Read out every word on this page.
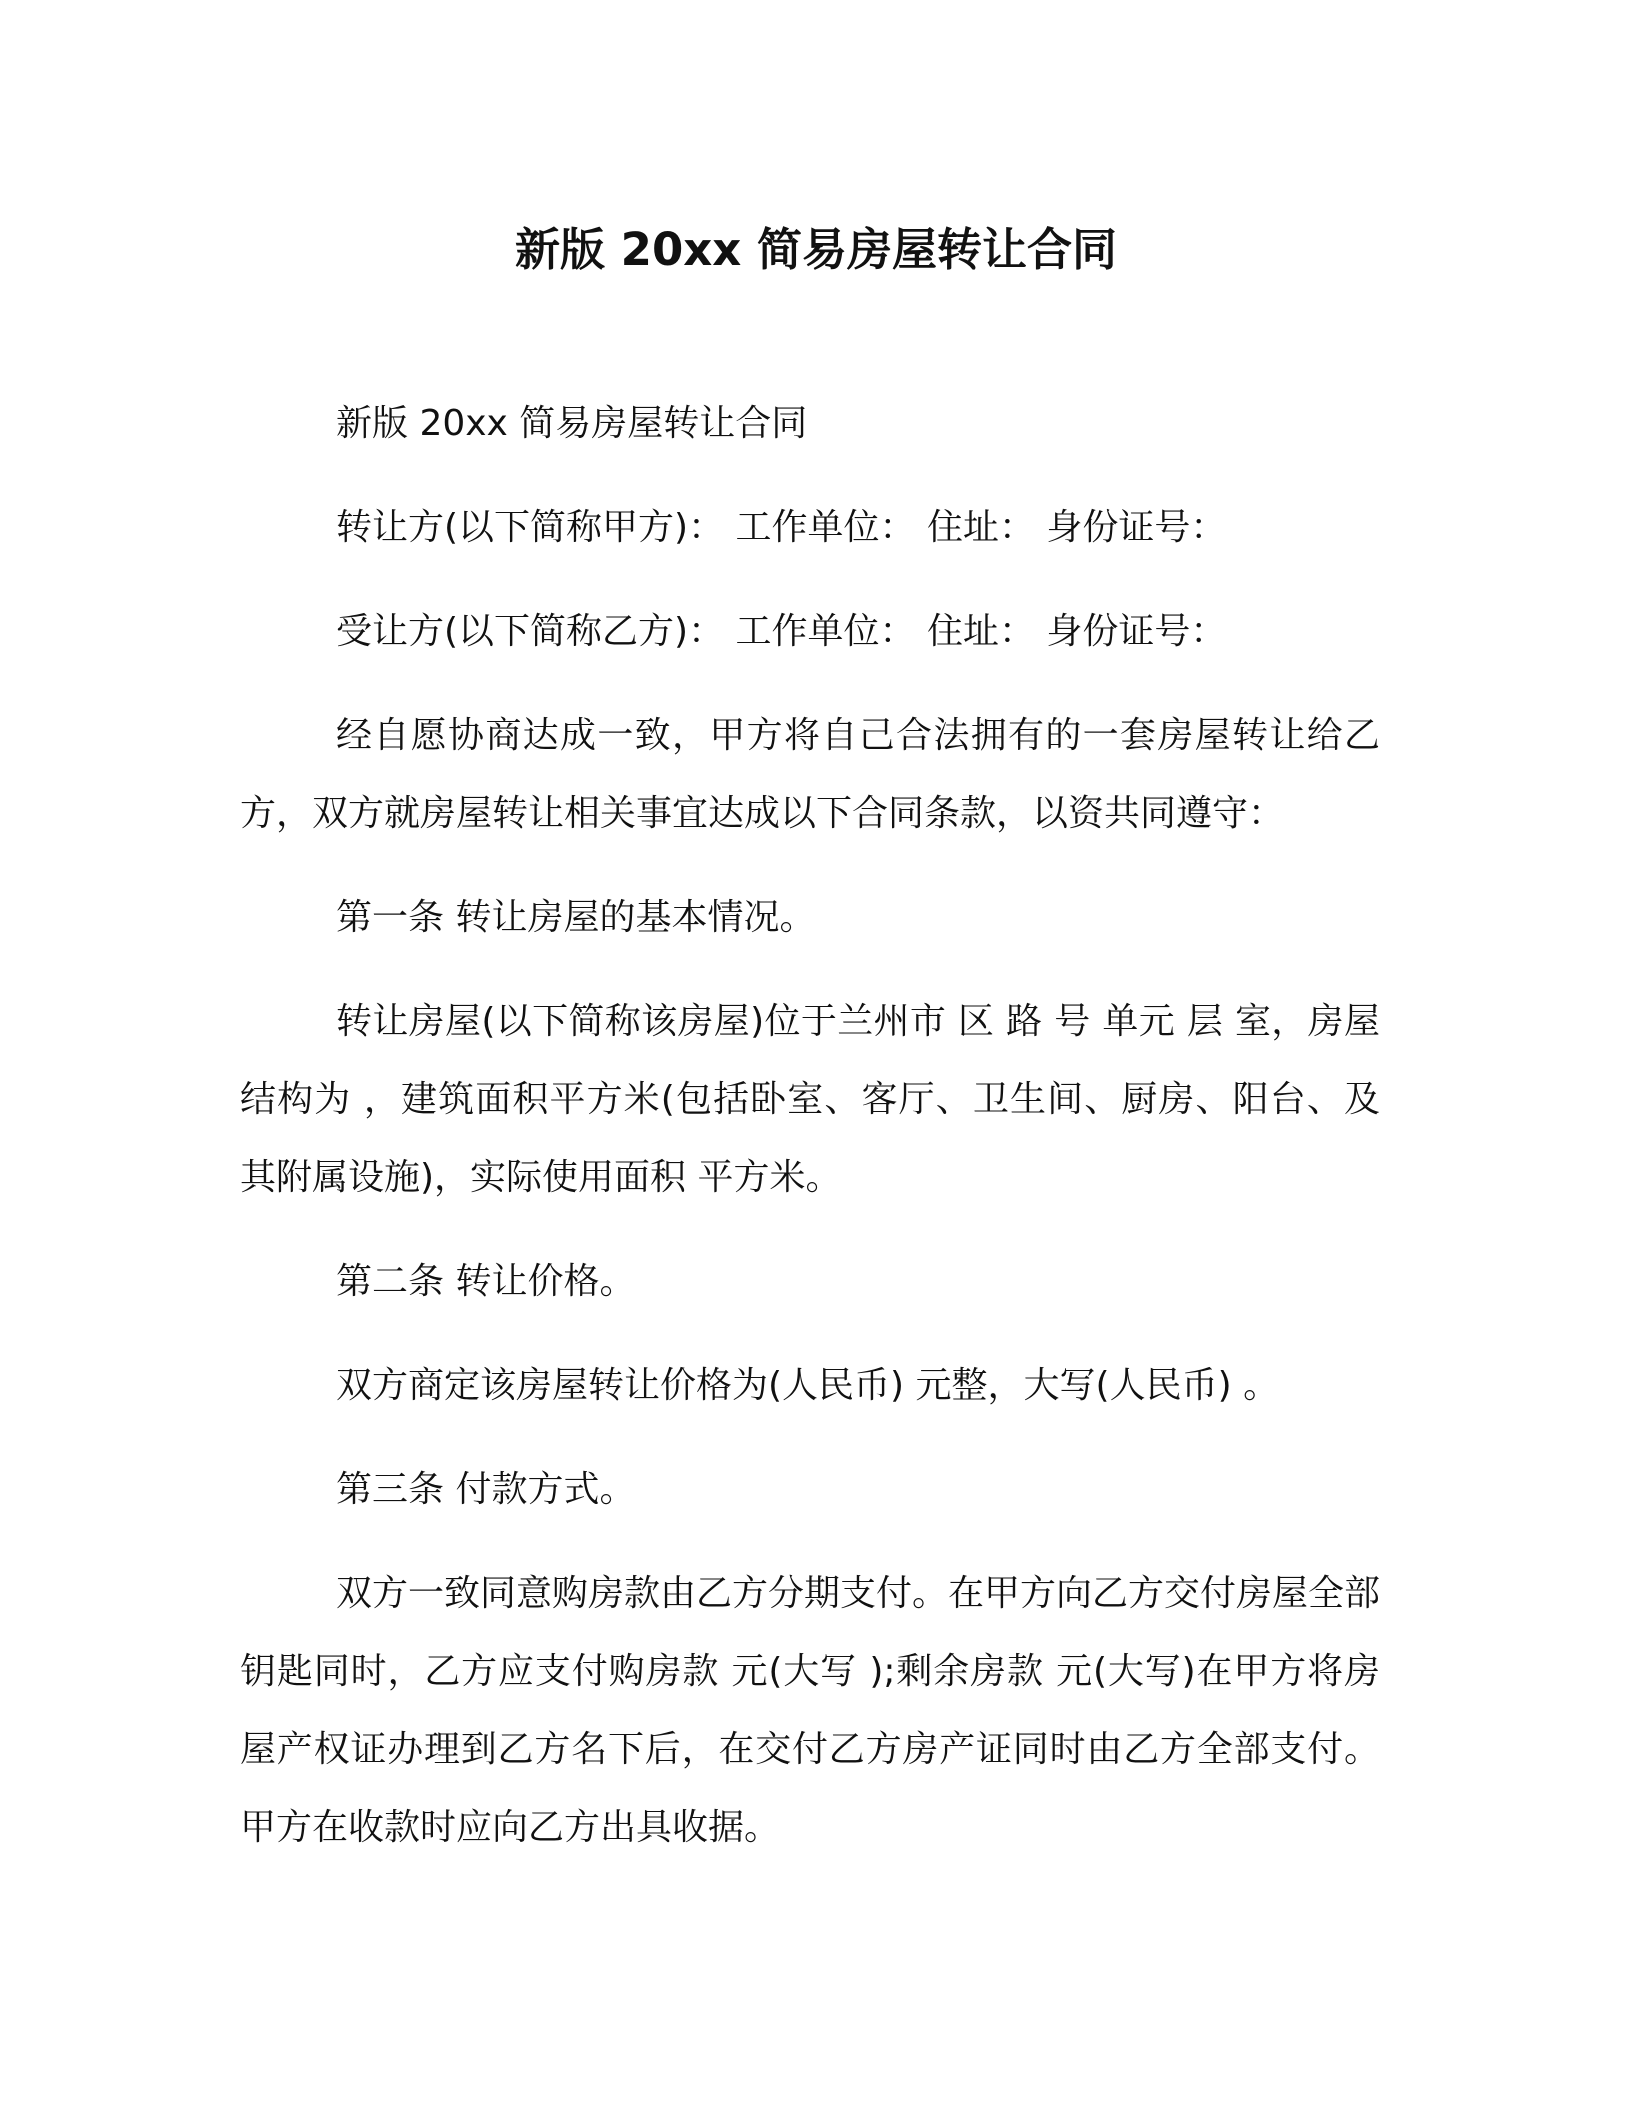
新版 20xx 简易房屋转让合同

新版 20xx 简易房屋转让合同

转让方(以下简称甲方)： 工作单位： 住址： 身份证号：

受让方(以下简称乙方)： 工作单位： 住址： 身份证号：

经自愿协商达成一致，甲方将自己合法拥有的一套房屋转让给乙方，双方就房屋转让相关事宜达成以下合同条款，以资共同遵守：

第一条 转让房屋的基本情况。

转让房屋(以下简称该房屋)位于兰州市 区 路 号 单元 层 室，房屋结构为 ，建筑面积平方米(包括卧室、客厅、卫生间、厨房、阳台、及其附属设施)，实际使用面积 平方米。

第二条 转让价格。

双方商定该房屋转让价格为(人民币) 元整，大写(人民币) 。

第三条 付款方式。

双方一致同意购房款由乙方分期支付。在甲方向乙方交付房屋全部钥匙同时，乙方应支付购房款 元(大写 );剩余房款 元(大写)在甲方将房屋产权证办理到乙方名下后，在交付乙方房产证同时由乙方全部支付。甲方在收款时应向乙方出具收据。
